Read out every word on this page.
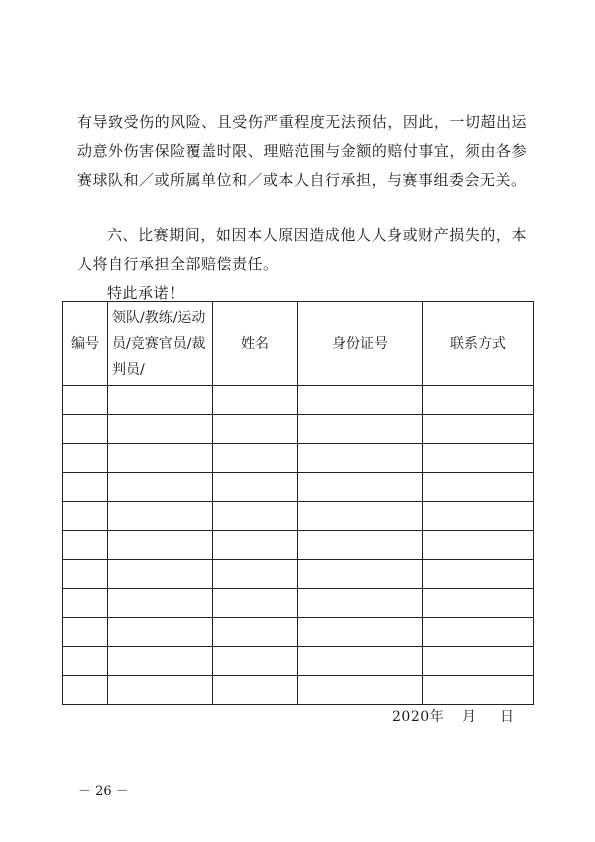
有导致受伤的风险、且受伤严重程度无法预估，因此，一切超出运动意外伤害保险覆盖时限、理赔范围与金额的赔付事宜，须由各参赛球队和／或所属单位和／或本人自行承担，与赛事组委会无关。

六、比赛期间，如因本人原因造成他人人身或财产损失的，本人将自行承担全部赔偿责任。

特此承诺！

编号	领队/教练/运动员/竞赛官员/裁判员/	姓名	身份证号	联系方式

2020年 月 日
－ 26 －
